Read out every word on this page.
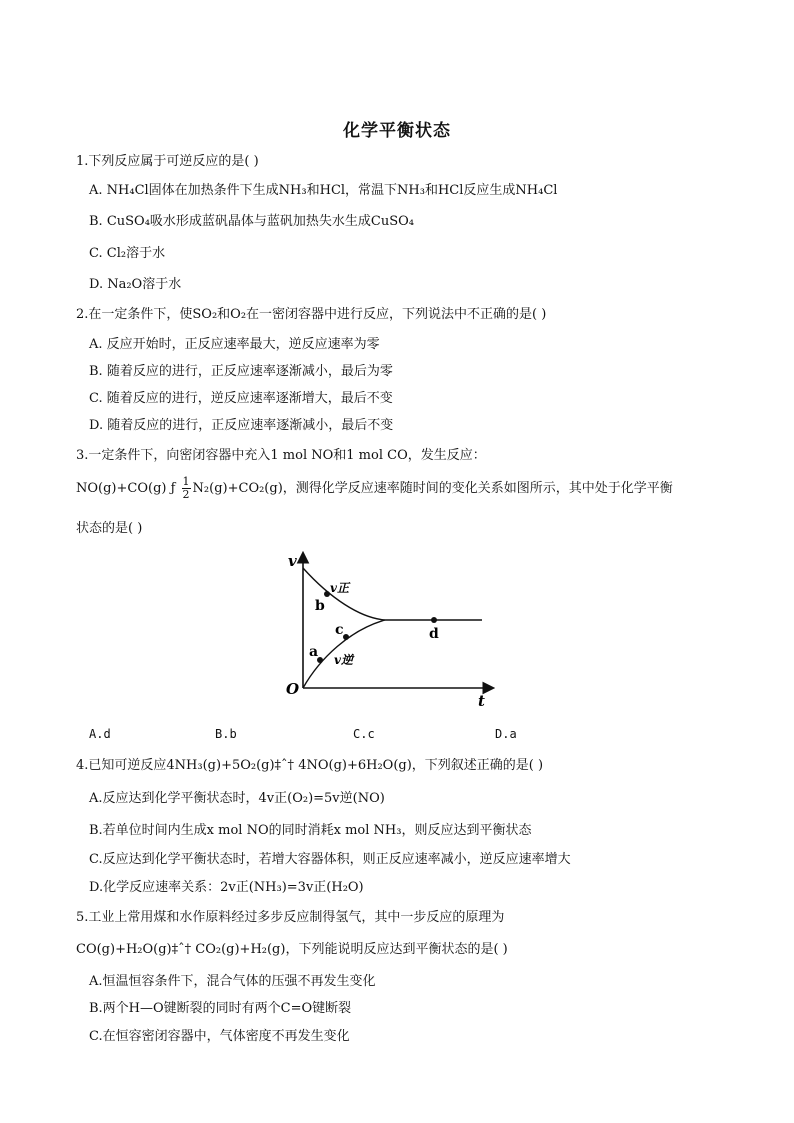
化学平衡状态
1.下列反应属于可逆反应的是( )
A. NH₄Cl固体在加热条件下生成NH₃和HCl，常温下NH₃和HCl反应生成NH₄Cl
B. CuSO₄吸水形成蓝矾晶体与蓝矾加热失水生成CuSO₄
C. Cl₂溶于水
D. Na₂O溶于水
2.在一定条件下，使SO₂和O₂在一密闭容器中进行反应，下列说法中不正确的是( )
A. 反应开始时，正反应速率最大，逆反应速率为零
B. 随着反应的进行，正反应速率逐渐减小，最后为零
C. 随着反应的进行，逆反应速率逐渐增大，最后不变
D. 随着反应的进行，正反应速率逐渐减小，最后不变
3.一定条件下，向密闭容器中充入1 mol NO和1 mol CO，发生反应：
NO(g)+CO(g) ƒ $\frac{1}{2} N_2(g)+CO_2(g)$，测得化学反应速率随时间的变化关系如图所示，其中处于化学平衡
状态的是( )
v
t
O
v正
v逆
a
b
c	d
A.d	B.b	C.c	D.a
4.已知可逆反应4NH₃(g)+5O₂(g)‡ˆ† 4NO(g)+6H₂O(g)，下列叙述正确的是( )
A.反应达到化学平衡状态时，4v正(O₂)=5v逆(NO)
B.若单位时间内生成x mol NO的同时消耗x mol NH₃，则反应达到平衡状态
C.反应达到化学平衡状态时，若增大容器体积，则正反应速率减小，逆反应速率增大
D.化学反应速率关系：2v正(NH₃)=3v正(H₂O)
5.工业上常用煤和水作原料经过多步反应制得氢气，其中一步反应的原理为
CO(g)+H₂O(g)‡ˆ† CO₂(g)+H₂(g)，下列能说明反应达到平衡状态的是( )
A.恒温恒容条件下，混合气体的压强不再发生变化
B.两个H—O键断裂的同时有两个C=O键断裂
C.在恒容密闭容器中，气体密度不再发生变化
